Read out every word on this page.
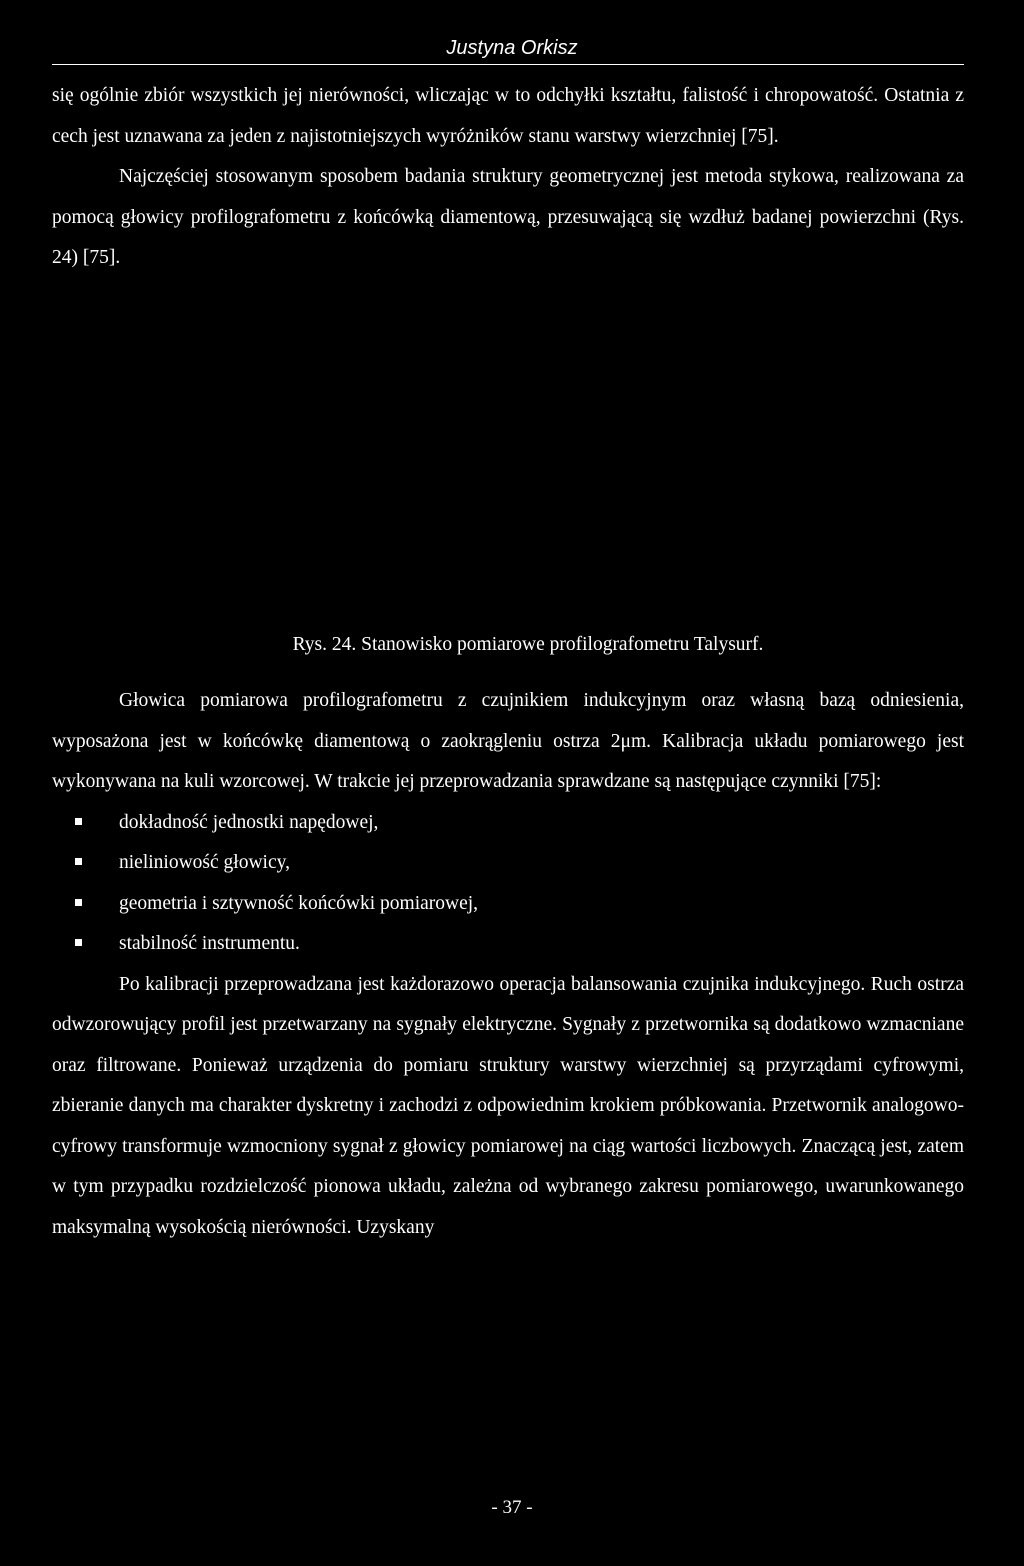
Justyna Orkisz

się ogólnie zbiór wszystkich jej nierówności, wliczając w to odchyłki kształtu, falistość i chropowatość. Ostatnia z cech jest uznawana za jeden z najistotniejszych wyróżników stanu warstwy wierzchniej [75].

Najczęściej stosowanym sposobem badania struktury geometrycznej jest metoda stykowa, realizowana za pomocą głowicy profilografometru z końcówką diamentową, przesuwającą się wzdłuż badanej powierzchni (Rys. 24) [75].

Rys. 24. Stanowisko pomiarowe profilografometru Talysurf.

Głowica pomiarowa profilografometru z czujnikiem indukcyjnym oraz własną bazą odniesienia, wyposażona jest w końcówkę diamentową o zaokrągleniu ostrza 2μm. Kalibracja układu pomiarowego jest wykonywana na kuli wzorcowej. W trakcie jej przeprowadzania sprawdzane są następujące czynniki [75]:

dokładność jednostki napędowej,
nieliniowość głowicy,
geometria i sztywność końcówki pomiarowej,
stabilność instrumentu.

Po kalibracji przeprowadzana jest każdorazowo operacja balansowania czujnika indukcyjnego. Ruch ostrza odwzorowujący profil jest przetwarzany na sygnały elektryczne. Sygnały z przetwornika są dodatkowo wzmacniane oraz filtrowane. Ponieważ urządzenia do pomiaru struktury warstwy wierzchniej są przyrządami cyfrowymi, zbieranie danych ma charakter dyskretny i zachodzi z odpowiednim krokiem próbkowania. Przetwornik analogowo-cyfrowy transformuje wzmocniony sygnał z głowicy pomiarowej na ciąg wartości liczbowych. Znaczącą jest, zatem w tym przypadku rozdzielczość pionowa układu, zależna od wybranego zakresu pomiarowego, uwarunkowanego maksymalną wysokością nierówności. Uzyskany

- 37 -
